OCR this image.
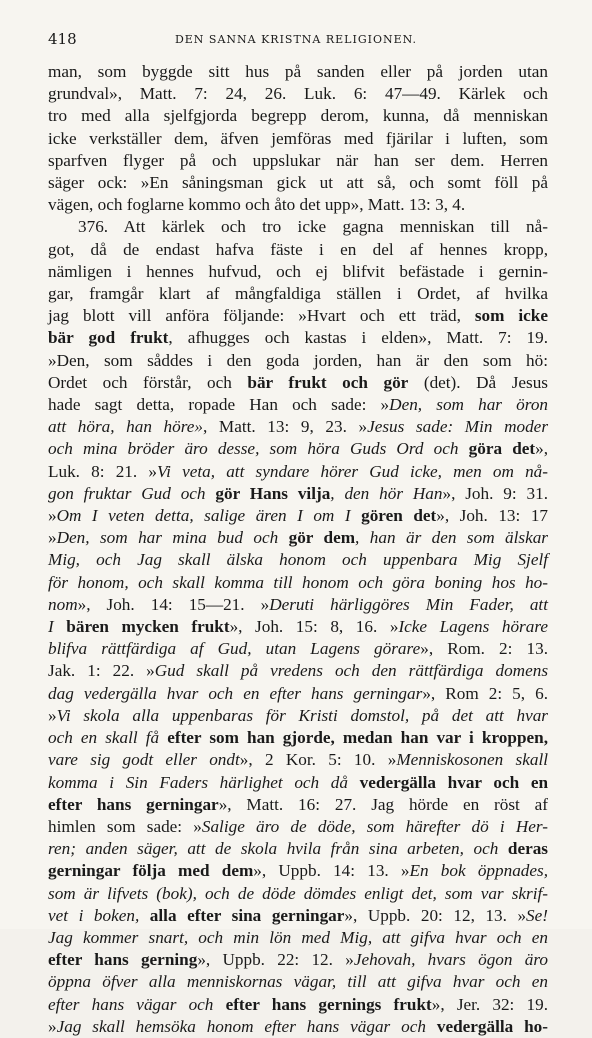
418	DEN SANNA KRISTNA RELIGIONEN.
man, som byggde sitt hus på sanden eller på jorden utan
grundval», Matt. 7: 24, 26. Luk. 6: 47—49. Kärlek och
tro med alla sjelfgjorda begrepp derom, kunna, då menniskan
icke verkställer dem, äfven jemföras med fjärilar i luften, som
sparfven flyger på och uppslukar när han ser dem. Herren
säger ock: »En såningsman gick ut att så, och somt föll på
vägen, och foglarne kommo och åto det upp», Matt. 13: 3, 4.
376. Att kärlek och tro icke gagna menniskan till nå-
got, då de endast hafva fäste i en del af hennes kropp,
nämligen i hennes hufvud, och ej blifvit befästade i gernin-
gar, framgår klart af mångfaldiga ställen i Ordet, af hvilka
jag blott vill anföra följande: »Hvart och ett träd, som icke
bär god frukt, afhugges och kastas i elden», Matt. 7: 19.
»Den, som såddes i den goda jorden, han är den som hö:
Ordet och förstår, och bär frukt och gör (det). Då Jesus
hade sagt detta, ropade Han och sade: »Den, som har öron
att höra, han höre», Matt. 13: 9, 23. »Jesus sade: Min moder
och mina bröder äro desse, som höra Guds Ord och göra det»,
Luk. 8: 21. »Vi veta, att syndare hörer Gud icke, men om nå-
gon fruktar Gud och gör Hans vilja, den hör Han», Joh. 9: 31.
»Om I veten detta, salige ären I om I gören det», Joh. 13: 17
»Den, som har mina bud och gör dem, han är den som älskar
Mig, och Jag skall älska honom och uppenbara Mig Sjelf
för honom, och skall komma till honom och göra boning hos ho-
nom», Joh. 14: 15—21. »Deruti härliggöres Min Fader, att
I bären mycken frukt», Joh. 15: 8, 16. »Icke Lagens hörare
blifva rättfärdiga af Gud, utan Lagens görare», Rom. 2: 13.
Jak. 1: 22. »Gud skall på vredens och den rättfärdiga domens
dag vedergälla hvar och en efter hans gerningar», Rom 2: 5, 6.
»Vi skola alla uppenbaras för Kristi domstol, på det att hvar
och en skall få efter som han gjorde, medan han var i kroppen,
vare sig godt eller ondt», 2 Kor. 5: 10. »Menniskosonen skall
komma i Sin Faders härlighet och då vedergälla hvar och en
efter hans gerningar», Matt. 16: 27. Jag hörde en röst af
himlen som sade: »Salige äro de döde, som härefter dö i Her-
ren; anden säger, att de skola hvila från sina arbeten, och deras
gerningar följa med dem», Uppb. 14: 13. »En bok öppnades,
som är lifvets (bok), och de döde dömdes enligt det, som var skrif-
vet i boken, alla efter sina gerningar», Uppb. 20: 12, 13. »Se!
Jag kommer snart, och min lön med Mig, att gifva hvar och en
efter hans gerning», Uppb. 22: 12. »Jehovah, hvars ögon äro
öppna öfver alla menniskornas vägar, till att gifva hvar och en
efter hans vägar och efter hans gernings frukt», Jer. 32: 19.
»Jag skall hemsöka honom efter hans vägar och vedergälla ho-
